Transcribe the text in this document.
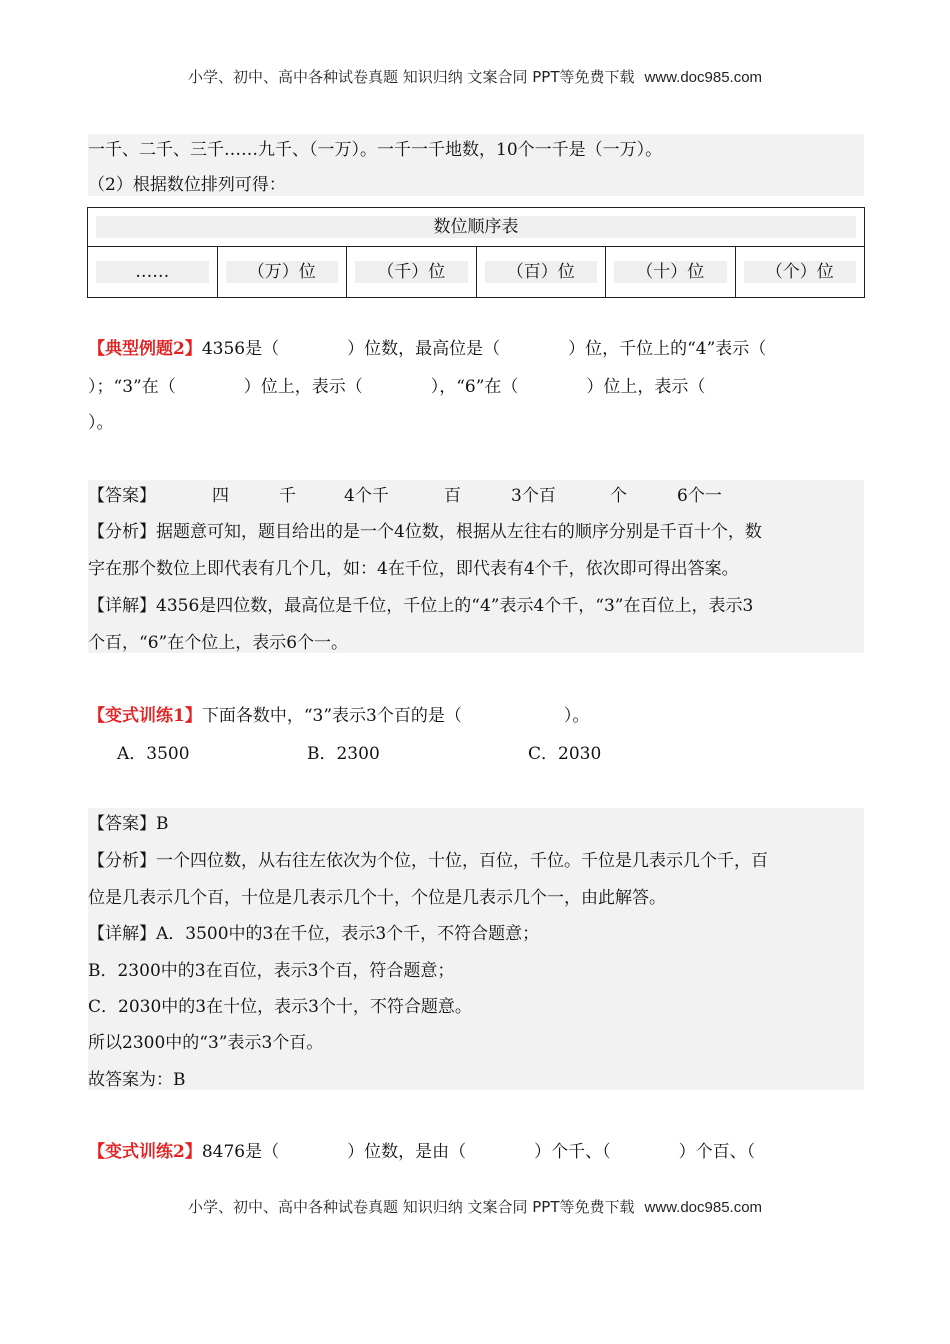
小学、初中、高中各种试卷真题 知识归纳 文案合同 PPT等免费下载 www.doc985.com
一千、二千、三千……九千、（一万）。一千一千地数，10个一千是（一万）。
（2）根据数位排列可得：
数位顺序表

……	（万）位	（千）位	（百）位	（十）位	（个）位
【典型例题2】4356是（　　　　）位数，最高位是（　　　　）位，千位上的“4”表示（
）；“3”在（　　　　）位上，表示（　　　　），“6”在（　　　　）位上，表示（
）。
【答案】	四	千	4个千	百	3个百	个	6个一
【分析】据题意可知，题目给出的是一个4位数，根据从左往右的顺序分别是千百十个，数
字在那个数位上即代表有几个几，如：4在千位，即代表有4个千，依次即可得出答案。
【详解】4356是四位数，最高位是千位，千位上的“4”表示4个千，“3”在百位上，表示3
个百，“6”在个位上，表示6个一。
【变式训练1】下面各数中，“3”表示3个百的是（　　　　　　）。
A．3500	B．2300	C．2030
【答案】B
【分析】一个四位数，从右往左依次为个位，十位，百位，千位。千位是几表示几个千，百
位是几表示几个百，十位是几表示几个十，个位是几表示几个一，由此解答。
【详解】A．3500中的3在千位，表示3个千，不符合题意；
B．2300中的3在百位，表示3个百，符合题意；
C．2030中的3在十位，表示3个十，不符合题意。
所以2300中的“3”表示3个百。
故答案为：B
【变式训练2】8476是（　　　　）位数，是由（　　　　）个千、（　　　　）个百、（
小学、初中、高中各种试卷真题 知识归纳 文案合同 PPT等免费下载 www.doc985.com
